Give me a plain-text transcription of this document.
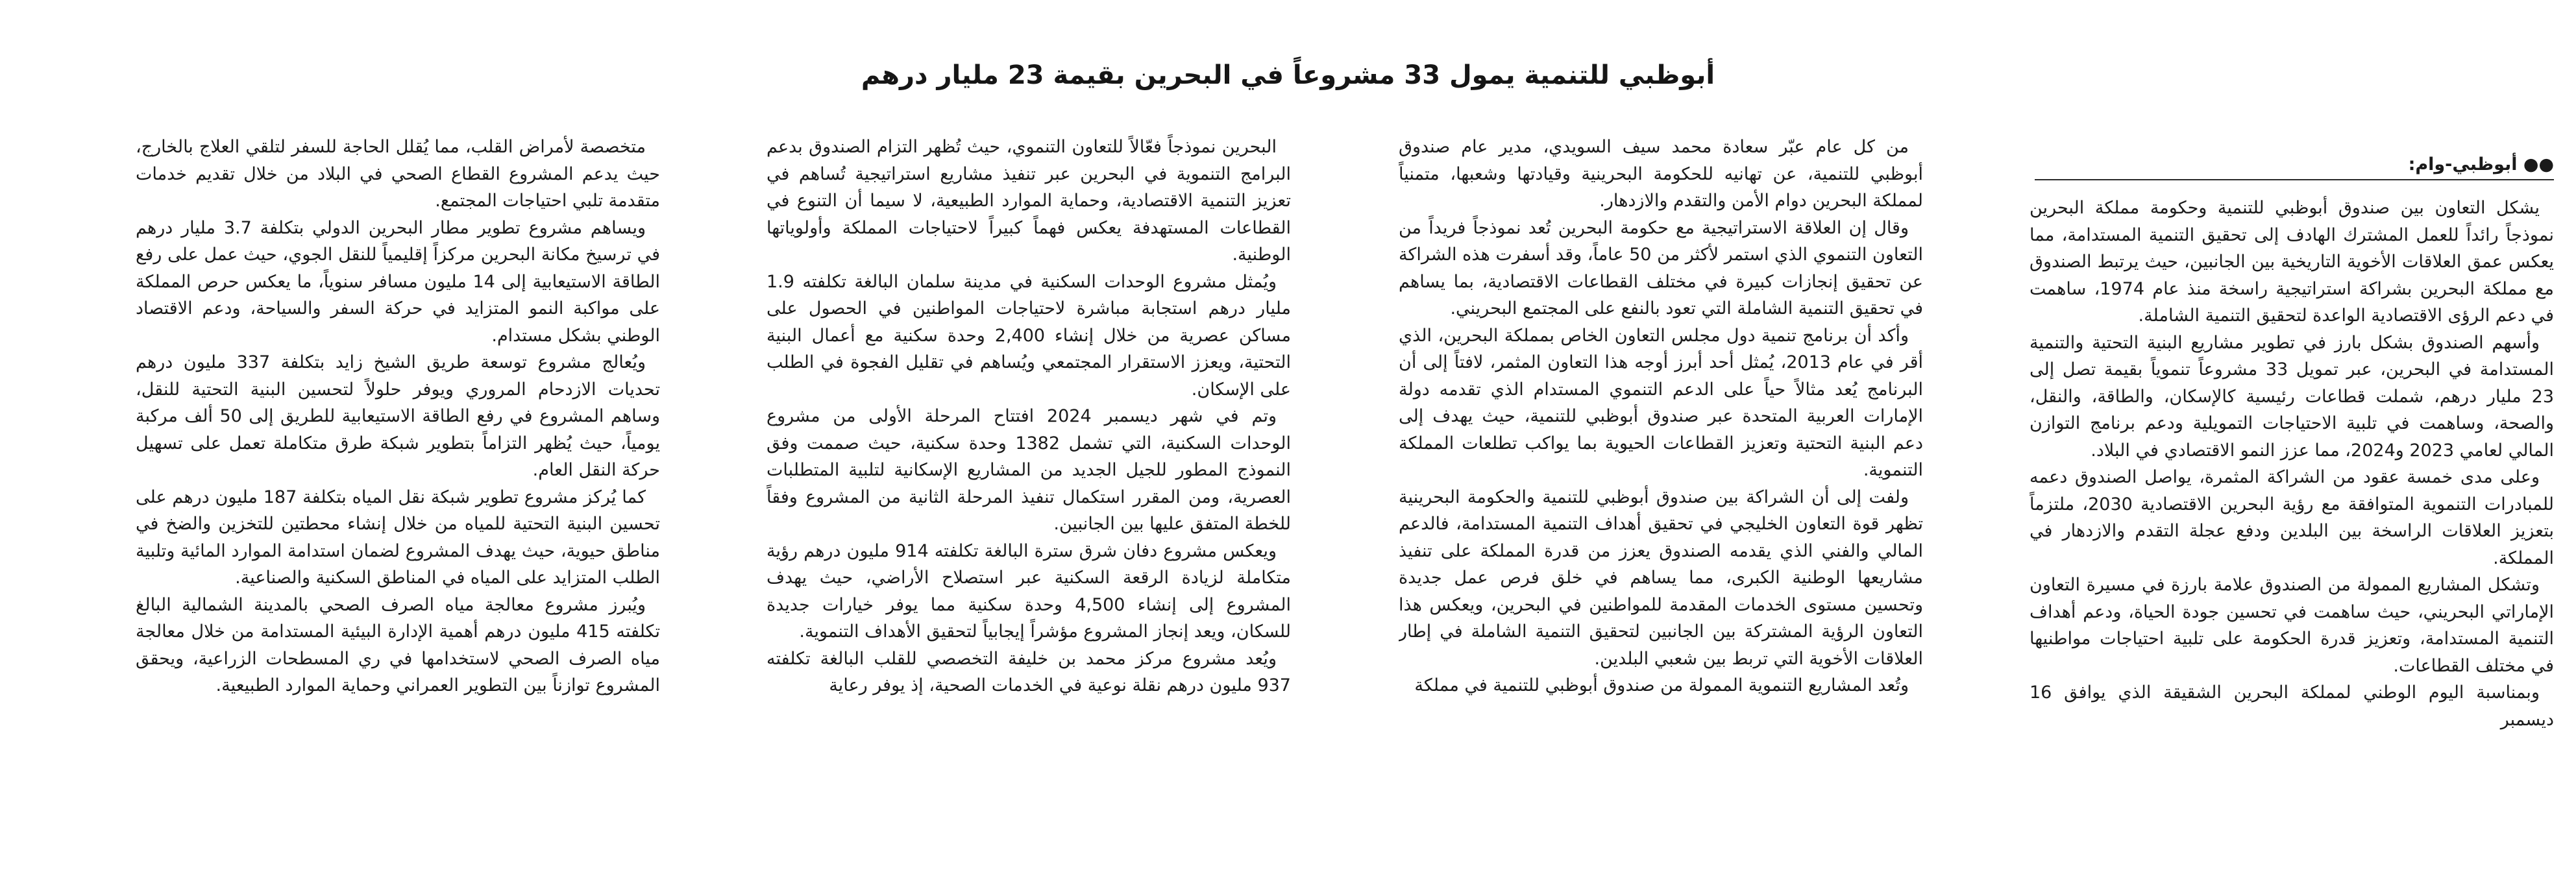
أبوظبي للتنمية يمول 33 مشروعاً في البحرين بقيمة 23 مليار درهم
●● أبوظبي-وام:

يشكل التعاون بين صندوق أبوظبي للتنمية وحكومة مملكة البحرين نموذجاً رائداً للعمل المشترك الهادف إلى تحقيق التنمية المستدامة، مما يعكس عمق العلاقات الأخوية التاريخية بين الجانبين، حيث يرتبط الصندوق مع مملكة البحرين بشراكة استراتيجية راسخة منذ عام 1974، ساهمت في دعم الرؤى الاقتصادية الواعدة لتحقيق التنمية الشاملة.

وأسهم الصندوق بشكل بارز في تطوير مشاريع البنية التحتية والتنمية المستدامة في البحرين، عبر تمويل 33 مشروعاً تنموياً بقيمة تصل إلى 23 مليار درهم، شملت قطاعات رئيسية كالإسكان، والطاقة، والنقل، والصحة، وساهمت في تلبية الاحتياجات التمويلية ودعم برنامج التوازن المالي لعامي 2023 و2024، مما عزز النمو الاقتصادي في البلاد.

وعلى مدى خمسة عقود من الشراكة المثمرة، يواصل الصندوق دعمه للمبادرات التنموية المتوافقة مع رؤية البحرين الاقتصادية 2030، ملتزماً بتعزيز العلاقات الراسخة بين البلدين ودفع عجلة التقدم والازدهار في المملكة.

وتشكل المشاريع الممولة من الصندوق علامة بارزة في مسيرة التعاون الإماراتي البحريني، حيث ساهمت في تحسين جودة الحياة، ودعم أهداف التنمية المستدامة، وتعزيز قدرة الحكومة على تلبية احتياجات مواطنيها في مختلف القطاعات.

وبمناسبة اليوم الوطني لمملكة البحرين الشقيقة الذي يوافق 16 ديسمبر

من كل عام عبّر سعادة محمد سيف السويدي، مدير عام صندوق أبوظبي للتنمية، عن تهانيه للحكومة البحرينية وقيادتها وشعبها، متمنياً لمملكة البحرين دوام الأمن والتقدم والازدهار.

وقال إن العلاقة الاستراتيجية مع حكومة البحرين تُعد نموذجاً فريداً من التعاون التنموي الذي استمر لأكثر من 50 عاماً، وقد أسفرت هذه الشراكة عن تحقيق إنجازات كبيرة في مختلف القطاعات الاقتصادية، بما يساهم في تحقيق التنمية الشاملة التي تعود بالنفع على المجتمع البحريني.

وأكد أن برنامج تنمية دول مجلس التعاون الخاص بمملكة البحرين، الذي أقر في عام 2013، يُمثل أحد أبرز أوجه هذا التعاون المثمر، لافتاً إلى أن البرنامج يُعد مثالاً حياً على الدعم التنموي المستدام الذي تقدمه دولة الإمارات العربية المتحدة عبر صندوق أبوظبي للتنمية، حيث يهدف إلى دعم البنية التحتية وتعزيز القطاعات الحيوية بما يواكب تطلعات المملكة التنموية.

ولفت إلى أن الشراكة بين صندوق أبوظبي للتنمية والحكومة البحرينية تظهر قوة التعاون الخليجي في تحقيق أهداف التنمية المستدامة، فالدعم المالي والفني الذي يقدمه الصندوق يعزز من قدرة المملكة على تنفيذ مشاريعها الوطنية الكبرى، مما يساهم في خلق فرص عمل جديدة وتحسين مستوى الخدمات المقدمة للمواطنين في البحرين، ويعكس هذا التعاون الرؤية المشتركة بين الجانبين لتحقيق التنمية الشاملة في إطار العلاقات الأخوية التي تربط بين شعبي البلدين.

وتُعد المشاريع التنموية الممولة من صندوق أبوظبي للتنمية في مملكة

البحرين نموذجاً فعّالاً للتعاون التنموي، حيث تُظهر التزام الصندوق بدعم البرامج التنموية في البحرين عبر تنفيذ مشاريع استراتيجية تُساهم في تعزيز التنمية الاقتصادية، وحماية الموارد الطبيعية، لا سيما أن التنوع في القطاعات المستهدفة يعكس فهماً كبيراً لاحتياجات المملكة وأولوياتها الوطنية.

ويُمثل مشروع الوحدات السكنية في مدينة سلمان البالغة تكلفته 1.9 مليار درهم استجابة مباشرة لاحتياجات المواطنين في الحصول على مساكن عصرية من خلال إنشاء 2,400 وحدة سكنية مع أعمال البنية التحتية، ويعزز الاستقرار المجتمعي ويُساهم في تقليل الفجوة في الطلب على الإسكان.

وتم في شهر ديسمبر 2024 افتتاح المرحلة الأولى من مشروع الوحدات السكنية، التي تشمل 1382 وحدة سكنية، حيث صممت وفق النموذج المطور للجيل الجديد من المشاريع الإسكانية لتلبية المتطلبات العصرية، ومن المقرر استكمال تنفيذ المرحلة الثانية من المشروع وفقاً للخطة المتفق عليها بين الجانبين.

ويعكس مشروع دفان شرق سترة البالغة تكلفته 914 مليون درهم رؤية متكاملة لزيادة الرقعة السكنية عبر استصلاح الأراضي، حيث يهدف المشروع إلى إنشاء 4,500 وحدة سكنية مما يوفر خيارات جديدة للسكان، ويعد إنجاز المشروع مؤشراً إيجابياً لتحقيق الأهداف التنموية.

ويُعد مشروع مركز محمد بن خليفة التخصصي للقلب البالغة تكلفته 937 مليون درهم نقلة نوعية في الخدمات الصحية، إذ يوفر رعاية

متخصصة لأمراض القلب، مما يُقلل الحاجة للسفر لتلقي العلاج بالخارج، حيث يدعم المشروع القطاع الصحي في البلاد من خلال تقديم خدمات متقدمة تلبي احتياجات المجتمع.

ويساهم مشروع تطوير مطار البحرين الدولي بتكلفة 3.7 مليار درهم في ترسيخ مكانة البحرين مركزاً إقليمياً للنقل الجوي، حيث عمل على رفع الطاقة الاستيعابية إلى 14 مليون مسافر سنوياً، ما يعكس حرص المملكة على مواكبة النمو المتزايد في حركة السفر والسياحة، ودعم الاقتصاد الوطني بشكل مستدام.

ويُعالج مشروع توسعة طريق الشيخ زايد بتكلفة 337 مليون درهم تحديات الازدحام المروري ويوفر حلولاً لتحسين البنية التحتية للنقل، وساهم المشروع في رفع الطاقة الاستيعابية للطريق إلى 50 ألف مركبة يومياً، حيث يُظهر التزاماً بتطوير شبكة طرق متكاملة تعمل على تسهيل حركة النقل العام.

كما يُركز مشروع تطوير شبكة نقل المياه بتكلفة 187 مليون درهم على تحسين البنية التحتية للمياه من خلال إنشاء محطتين للتخزين والضخ في مناطق حيوية، حيث يهدف المشروع لضمان استدامة الموارد المائية وتلبية الطلب المتزايد على المياه في المناطق السكنية والصناعية.

ويُبرز مشروع معالجة مياه الصرف الصحي بالمدينة الشمالية البالغ تكلفته 415 مليون درهم أهمية الإدارة البيئية المستدامة من خلال معالجة مياه الصرف الصحي لاستخدامها في ري المسطحات الزراعية، ويحقق المشروع توازناً بين التطوير العمراني وحماية الموارد الطبيعية.
